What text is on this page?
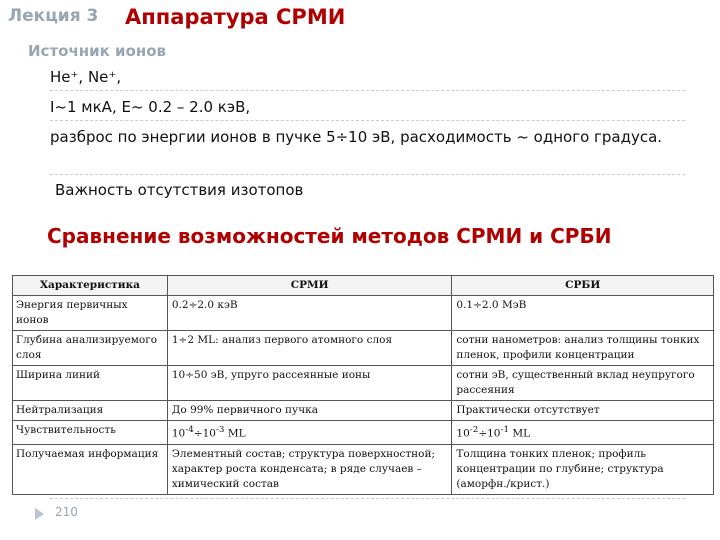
Лекция 3 Аппаратура СРМИ
Источник ионов
He⁺, Ne⁺,
I~1 мкА, E~ 0.2 – 2.0 кэВ,
разброс по энергии ионов в пучке 5÷10 эВ, расходимость ~ одного градуса.
Важность отсутствия изотопов
Сравнение возможностей методов СРМИ и СРБИ
Характеристика	СРМИ	СРБИ
Энергия первичных ионов	0.2÷2.0 кэВ	0.1÷2.0 МэВ
Глубина анализируемого слоя	1÷2 ML: анализ первого атомного слоя	сотни нанометров: анализ толщины тонких пленок, профили концентрации
Ширина линий	10÷50 эВ, упруго рассеянные ионы	сотни эВ, существенный вклад неупругого рассеяния
Нейтрализация	До 99% первичного пучка	Практически отсутствует
Чувствительность	$10^{-4}\div 10^{-3}$ ML	$10^{-2}\div 10^{-1}$ ML
Получаемая информация	Элементный состав; структура поверхностной; характер роста конденсата; в ряде случаев – химический состав	Толщина тонких пленок; профиль концентрации по глубине; структура (аморфн./крист.)
210
